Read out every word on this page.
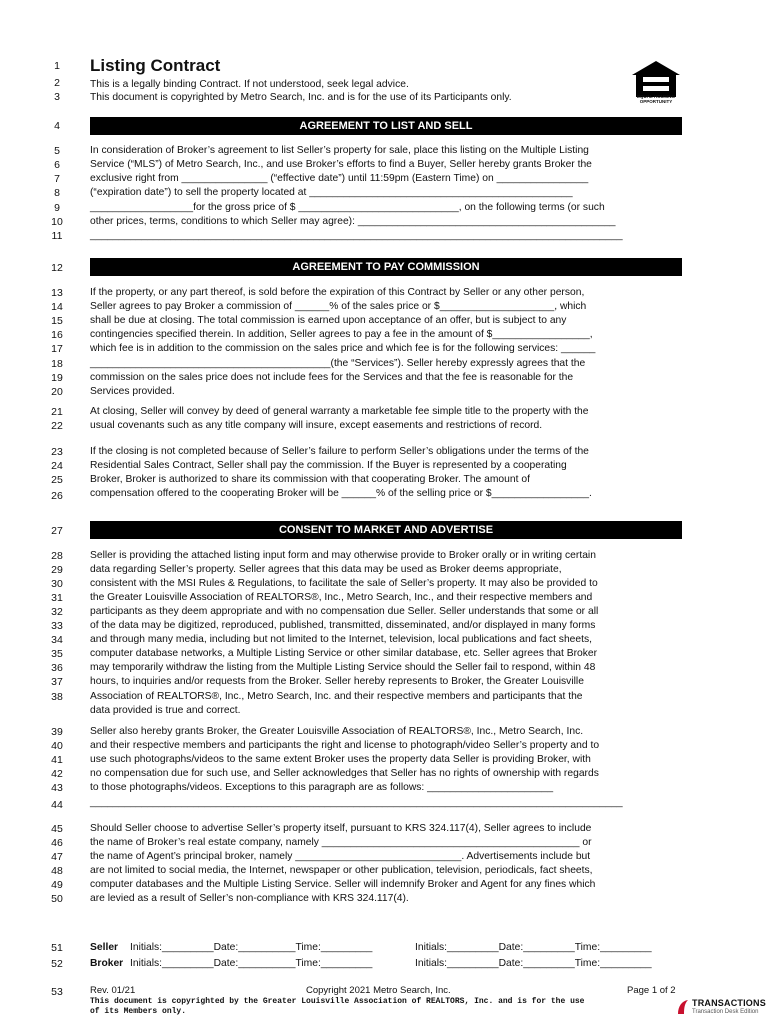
1
2
3
4
5
6
7
8
9
10
11
12
13
14
15
16
17
18
19
20
21
22
23
24
25
26
27
28
29
30
31
32
33
34
35
36
37
38
39
40
41
42
43
44
45
46
47
48
49
50
51
52
53
Listing Contract
This is a legally binding Contract. If not understood, seek legal advice.
This document is copyrighted by Metro Search, Inc. and is for the use of its Participants only.	EQUAL HOUSING
OPPORTUNITY
AGREEMENT TO LIST AND SELL
AGREEMENT TO PAY COMMISSION
CONSENT TO MARKET AND ADVERTISE
In consideration of Broker’s agreement to list Seller’s property for sale, place this listing on the Multiple Listing
Service (“MLS”) of Metro Search, Inc., and use Broker’s efforts to find a Buyer, Seller hereby grants Broker the
exclusive right from _______________ (“effective date”) until 11:59pm (Eastern Time) on ________________
(“expiration date”) to sell the property located at ______________________________________________
__________________for the gross price of $ ____________________________, on the following terms (or such
other prices, terms, conditions to which Seller may agree): _____________________________________________
_____________________________________________________________________________________________
If the property, or any part thereof, is sold before the expiration of this Contract by Seller or any other person,
Seller agrees to pay Broker a commission of ______% of the sales price or $____________________, which
shall be due at closing. The total commission is earned upon acceptance of an offer, but is subject to any
contingencies specified therein. In addition, Seller agrees to pay a fee in the amount of $_________________,
which fee is in addition to the commission on the sales price and which fee is for the following services: ______
__________________________________________(the “Services”). Seller hereby expressly agrees that the
commission on the sales price does not include fees for the Services and that the fee is reasonable for the
Services provided.
At closing, Seller will convey by deed of general warranty a marketable fee simple title to the property with the
usual covenants such as any title company will insure, except easements and restrictions of record.
If the closing is not completed because of Seller’s failure to perform Seller’s obligations under the terms of the
Residential Sales Contract, Seller shall pay the commission. If the Buyer is represented by a cooperating
Broker, Broker is authorized to share its commission with that cooperating Broker. The amount of
compensation offered to the cooperating Broker will be ______% of the selling price or $_________________.
Seller is providing the attached listing input form and may otherwise provide to Broker orally or in writing certain
data regarding Seller’s property. Seller agrees that this data may be used as Broker deems appropriate,
consistent with the MSI Rules & Regulations, to facilitate the sale of Seller’s property. It may also be provided to
the Greater Louisville Association of REALTORS®, Inc., Metro Search, Inc., and their respective members and
participants as they deem appropriate and with no compensation due Seller. Seller understands that some or all
of the data may be digitized, reproduced, published, transmitted, disseminated, and/or displayed in many forms
and through many media, including but not limited to the Internet, television, local publications and fact sheets,
computer database networks, a Multiple Listing Service or other similar database, etc. Seller agrees that Broker
may temporarily withdraw the listing from the Multiple Listing Service should the Seller fail to respond, within 48
hours, to inquiries and/or requests from the Broker. Seller hereby represents to Broker, the Greater Louisville
Association of REALTORS®, Inc., Metro Search, Inc. and their respective members and participants that the
data provided is true and correct.
Seller also hereby grants Broker, the Greater Louisville Association of REALTORS®, Inc., Metro Search, Inc.
and their respective members and participants the right and license to photograph/video Seller’s property and to
use such photographs/videos to the same extent Broker uses the property data Seller is providing Broker, with
no compensation due for such use, and Seller acknowledges that Seller has no rights of ownership with regards
to those photographs/videos. Exceptions to this paragraph are as follows: ______________________
_____________________________________________________________________________________________
Should Seller choose to advertise Seller’s property itself, pursuant to KRS 324.117(4), Seller agrees to include
the name of Broker’s real estate company, namely _____________________________________________ or
the name of Agent’s principal broker, namely _____________________________. Advertisements include but
are not limited to social media, the Internet, newspaper or other publication, television, periodicals, fact sheets,
computer databases and the Multiple Listing Service. Seller will indemnify Broker and Agent for any fines which
are levied as a result of Seller’s non-compliance with KRS 324.117(4).
Seller Initials:_________Date:__________Time:_________	Initials:_________Date:_________Time:_________
Broker Initials:_________Date:__________Time:_________	Initials:_________Date:_________Time:_________
Rev. 01/21	Copyright 2021 Metro Search, Inc.	Page 1 of 2
This document is copyrighted by the Greater Louisville Association of REALTORS, Inc. and is for the use
of its Members only.
TRANSACTIONS
Transaction Desk Edition
